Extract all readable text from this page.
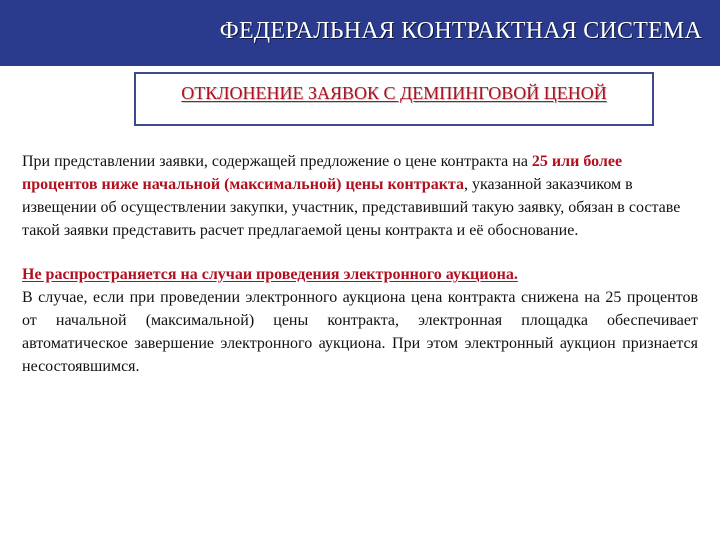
ФЕДЕРАЛЬНАЯ КОНТРАКТНАЯ СИСТЕМА
ОТКЛОНЕНИЕ ЗАЯВОК С ДЕМПИНГОВОЙ ЦЕНОЙ

При представлении заявки, содержащей предложение о цене контракта на 25 или более процентов ниже начальной (максимальной) цены контракта, указанной заказчиком в извещении об осуществлении закупки, участник, представивший такую заявку, обязан в составе такой заявки представить расчет предлагаемой цены контракта и её обоснование.

Не распространяется на случаи проведения электронного аукциона.

В случае, если при проведении электронного аукциона цена контракта снижена на 25 процентов от начальной (максимальной) цены контракта, электронная площадка обеспечивает автоматическое завершение электронного аукциона. При этом электронный аукцион признается несостоявшимся.
